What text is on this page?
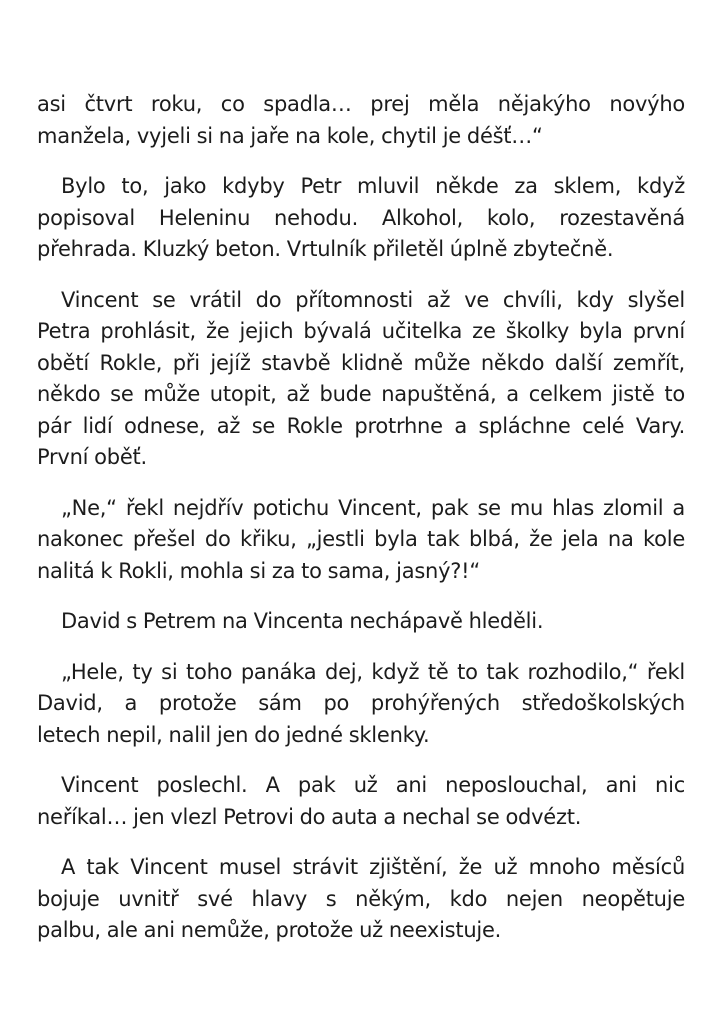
asi čtvrt roku, co spadla… prej měla nějakýho novýho
manžela, vyjeli si na jaře na kole, chytil je déšť…“
Bylo to, jako kdyby Petr mluvil někde za sklem, když
popisoval Heleninu nehodu. Alkohol, kolo, rozestavěná
přehrada. Kluzký beton. Vrtulník přiletěl úplně zbytečně.
Vincent se vrátil do přítomnosti až ve chvíli, kdy slyšel
Petra prohlásit, že jejich bývalá učitelka ze školky byla první
obětí Rokle, při jejíž stavbě klidně může někdo další zemřít,
někdo se může utopit, až bude napuštěná, a celkem jistě to
pár lidí odnese, až se Rokle protrhne a spláchne celé Vary.
První oběť.
„Ne,“ řekl nejdřív potichu Vincent, pak se mu hlas zlomil a
nakonec přešel do křiku, „jestli byla tak blbá, že jela na kole
nalitá k Rokli, mohla si za to sama, jasný?!“
David s Petrem na Vincenta nechápavě hleděli.
„Hele, ty si toho panáka dej, když tě to tak rozhodilo,“ řekl
David, a protože sám po prohýřených středoškolských
letech nepil, nalil jen do jedné sklenky.
Vincent poslechl. A pak už ani neposlouchal, ani nic
neříkal… jen vlezl Petrovi do auta a nechal se odvézt.
A tak Vincent musel strávit zjištění, že už mnoho měsíců
bojuje uvnitř své hlavy s někým, kdo nejen neopětuje
palbu, ale ani nemůže, protože už neexistuje.
